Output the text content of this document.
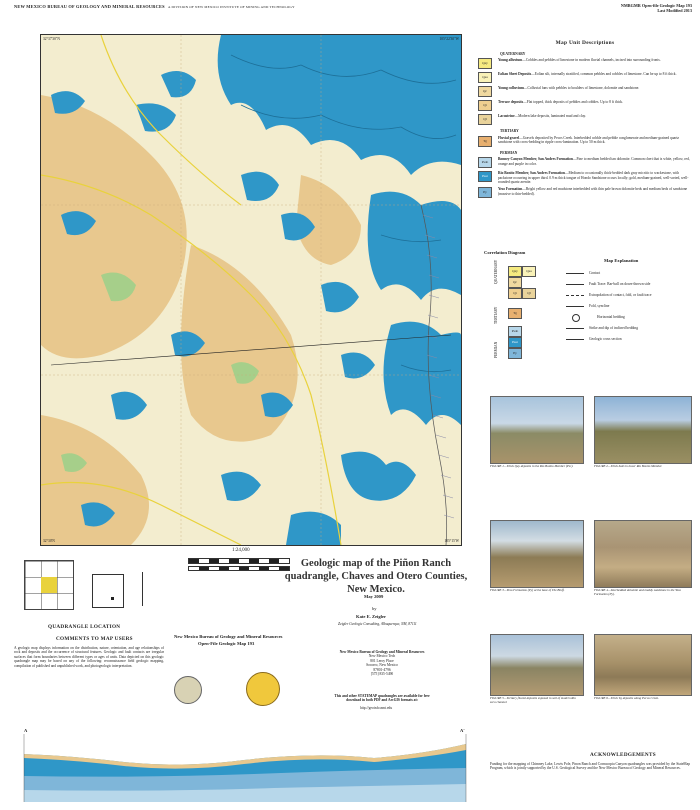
NEW MEXICO BUREAU OF GEOLOGY AND MINERAL RESOURCES A DIVISION OF NEW MEXICO INSTITUTE OF MINING AND TECHNOLOGY	NMBGMR Open-file Geologic Map 193
Last Modified 2013
32°37'30"N	105°22'30"W
32°30'N	105°15'W
Map Unit Descriptions
QUATERNARY
Qay
Young alluvium—Cobbles and pebbles of limestone in modern fluvial channels, incised into surrounding fronts.
Qea
Eolian Sheet Deposits—Eolian silt, internally stratified, common pebbles and cobbles of limestone. Can be up to 8 ft thick.
Qc
Young colluvium—Colluvial fans with pebbles to boulders of limestone, dolomite and sandstone.
Qt
Terrace deposits—Flat topped, thick deposits of pebbles and cobbles. Up to 8 ft thick.
Ql
Lacustrine—Modern lake deposits, laminated mud and clay.
TERTIARY
Tg
Fluvial gravel—Gravels deposited by Pecos Creek. Interbedded cobble and pebble conglomerate and medium-grained quartz sandstone with cross-bedding in ripple cross-lamination. Up to 50 m thick.
PERMIAN
Psab
Bonney Canyon Member, San Andres Formation—Fine to medium bedded tan dolomite. Common chert that is white, yellow, red, orange and purple in color.
Psar
Rio Bonito Member, San Andres Formation—Medium to occasionally thick-bedded dark gray micritic to wackestone, with packstone occurring in upper third. 0.9 m thick tongue of Hondo Sandstone occurs locally; gold, medium-grained, well-sorted, well-rounded quartz arenite.
Py
Yeso Formation—Bright yellow and red mudstone interbedded with thin pale brown dolomite beds and medium beds of sandstone (massive to thin-bedded).
Correlation Diagram
Map Explanation
QUATERNARY
TERTIARY
PERMIAN
Qay	Qea
Qc
Qt	Ql
Tg
Psab
Psar
Py
Contact
Fault Trace: Bar-ball on down-thrown side
Extrapolation of contact, fold, or fault trace
Fold, syncline
Horizontal bedding
Strike and dip of inclined bedding
Geologic cross section
FIGURE 1—Thick Qay deposits in the Rio Bonito Member (Psr).	FIGURE 2—Thick beds in lower Rio Bonito Member.
FIGURE 3—Yeso Formation (Py) at the base of The Bluff.	FIGURE 4—Interbedded dolomite and muddy sandstone in the Yeso Formation (Py).
FIGURE 5—Tertiary fluvial deposits exposed in soil of modern Rio seco channel.
FIGURE 6—Thick Tg deposits along Pecos Creek.
ACKNOWLEDGEMENTS
Funding for the mapping of Chimney Lake, Lewis Pole, Pinon Ranch and Cornucopia Canyon quadrangles was provided by the StateMap Program, which is jointly supported by the U.S. Geological Survey and the New Mexico Bureau of Geology and Mineral Resources.
1:24,000
QUADRANGLE LOCATION
COMMENTS TO MAP USERS
A geologic map displays information on the distribution, nature, orientation, and age relationships of rock and deposits and the occurrence of structural features. Geologic and fault contacts are irregular surfaces that form boundaries between different types or ages of units. Data depicted on this geologic quadrangle map may be based on any of the following: reconnaissance field geologic mapping, compilation of published and unpublished work, and photogeologic interpretation.
Geologic map of the Piñon Ranch quadrangle, Chaves and Otero Counties, New Mexico.
May 2009
by
Kate E. Zeigler
Zeigler Geologic Consulting, Albuquerque, NM, 87111
New Mexico Bureau of Geology and Mineral Resources
Open-File Geologic Map 193
New Mexico Bureau of Geology and Mineral Resources
New Mexico Tech
801 Leroy Place
Socorro, New Mexico
87801-4796
[575] 835-5490
This and other STATEMAP quadrangles are available for free download in both PDF and ArcGIS formats at:
http://geoinfo.nmt.edu
A	A'
